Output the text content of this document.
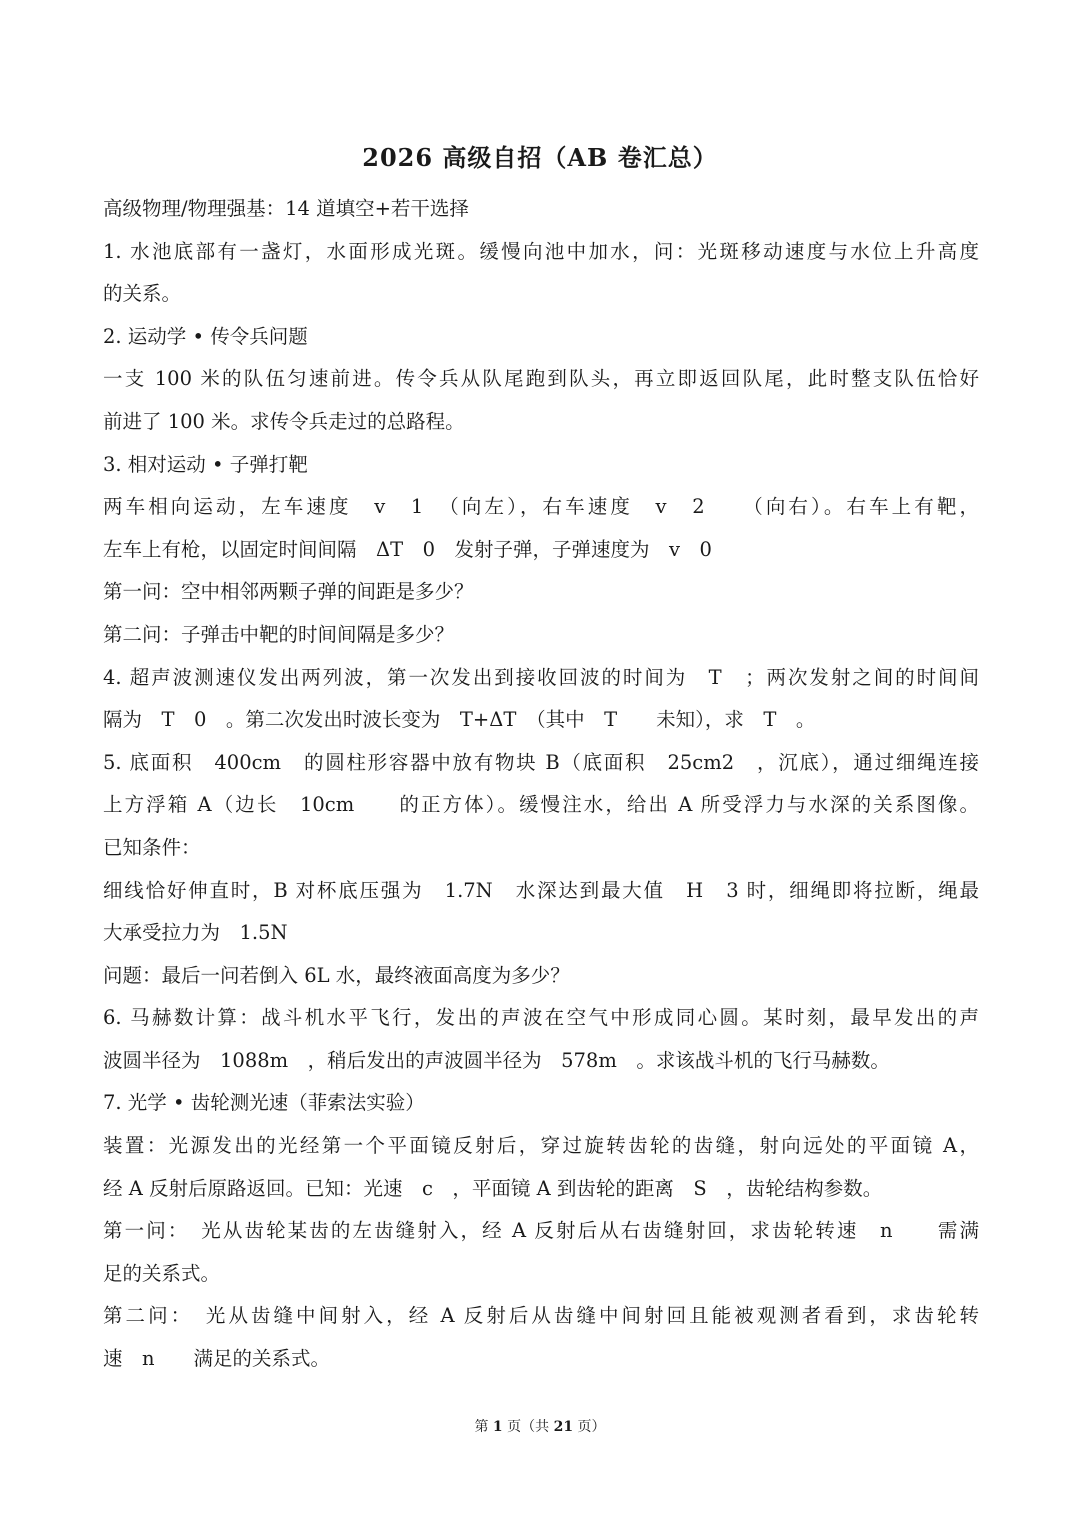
2026 高级自招（AB 卷汇总）
高级物理/物理强基：14 道填空+若干选择
1. 水池底部有一盏灯，水面形成光斑。缓慢向池中加水，问：光斑移动速度与水位上升高度
的关系。
2. 运动学 • 传令兵问题
一支 100 米的队伍匀速前进。传令兵从队尾跑到队头，再立即返回队尾，此时整支队伍恰好
前进了 100 米。求传令兵走过的总路程。
3. 相对运动 • 子弹打靶
两车相向运动，左车速度　v　1　（向左），右车速度　v　2　　（向右）。右车上有靶，
左车上有枪，以固定时间间隔　ΔT　0　发射子弹，子弹速度为　v　0
第一问：空中相邻两颗子弹的间距是多少？
第二问：子弹击中靶的时间间隔是多少？
4. 超声波测速仪发出两列波，第一次发出到接收回波的时间为　T　；两次发射之间的时间间
隔为　T　0　。第二次发出时波长变为　T+ΔT　（其中　T　　未知），求　T　。
5. 底面积　400cm　的圆柱形容器中放有物块 B（底面积　25cm2　，沉底），通过细绳连接
上方浮箱 A（边长　10cm　　的正方体）。缓慢注水，给出 A 所受浮力与水深的关系图像。
已知条件：
细线恰好伸直时，B 对杯底压强为　1.7N　水深达到最大值　H　3 时，细绳即将拉断，绳最
大承受拉力为　1.5N
问题：最后一问若倒入 6L 水，最终液面高度为多少？
6. 马赫数计算：战斗机水平飞行，发出的声波在空气中形成同心圆。某时刻，最早发出的声
波圆半径为　1088m　，稍后发出的声波圆半径为　578m　。求该战斗机的飞行马赫数。
7. 光学 • 齿轮测光速（菲索法实验）
装置：光源发出的光经第一个平面镜反射后，穿过旋转齿轮的齿缝，射向远处的平面镜 A，
经 A 反射后原路返回。已知：光速　c　，平面镜 A 到齿轮的距离　S　，齿轮结构参数。
第一问：　光从齿轮某齿的左齿缝射入，经 A 反射后从右齿缝射回，求齿轮转速　n　　需满
足的关系式。
第二问：　光从齿缝中间射入，经 A 反射后从齿缝中间射回且能被观测者看到，求齿轮转
速　n　　满足的关系式。
第 1 页（共 21 页）
